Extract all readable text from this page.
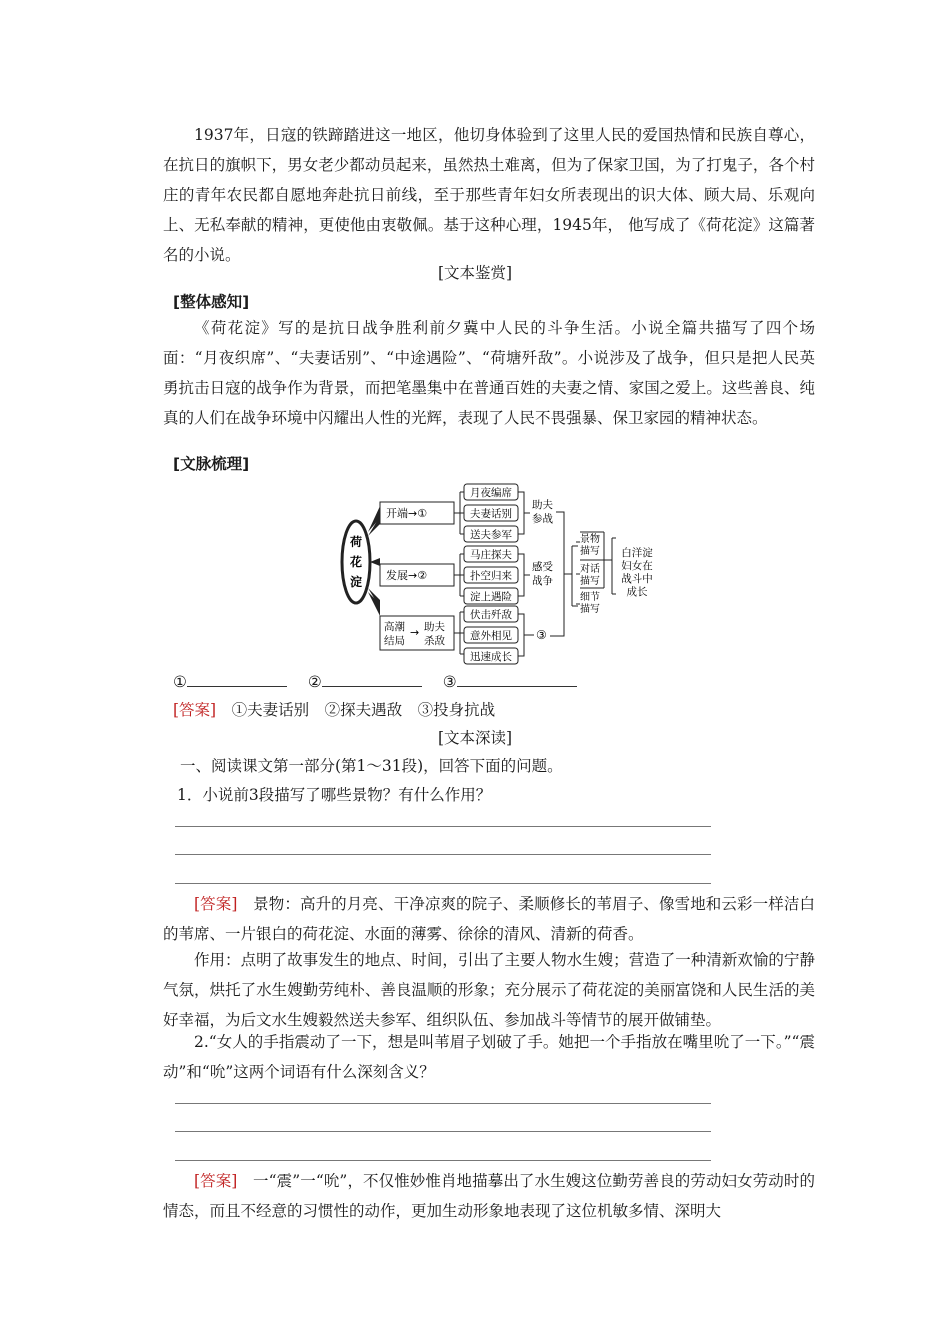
1937年，日寇的铁蹄踏进这一地区，他切身体验到了这里人民的爱国热情和民族自尊心，在抗日的旗帜下，男女老少都动员起来，虽然热土难离，但为了保家卫国，为了打鬼子，各个村庄的青年农民都自愿地奔赴抗日前线，至于那些青年妇女所表现出的识大体、顾大局、乐观向上、无私奉献的精神，更使他由衷敬佩。基于这种心理，1945年， 他写成了《荷花淀》这篇著名的小说。

[文本鉴赏]
[整体感知]

《荷花淀》写的是抗日战争胜利前夕冀中人民的斗争生活。小说全篇共描写了四个场面：“月夜织席”、“夫妻话别”、“中途遇险”、“荷塘歼敌”。小说涉及了战争，但只是把人民英勇抗击日寇的战争作为背景，而把笔墨集中在普通百姓的夫妻之情、家国之爱上。这些善良、纯真的人们在战争环境中闪耀出人性的光辉，表现了人民不畏强暴、保卫家园的精神状态。

[文脉梳理]
荷
花
淀
开端→①
发展→②
高潮
结局
→ 助夫
杀敌
月夜编席
夫妻话别
送夫参军
马庄探夫
扑空归来
淀上遇险
伏击歼敌
意外相见
迅速成长
助夫
参战
感受
战争
③
景物
描写
对话
描写
细节
描写
白洋淀
妇女在
战斗中
成长
①	②	③

[答案]　 ①夫妻话别　②探夫遇敌　③投身抗战

[文本深读]

一、阅读课文第一部分(第1～31段)，回答下面的问题。

1．小说前3段描写了哪些景物？有什么作用？

[答案]　 景物：高升的月亮、干净凉爽的院子、柔顺修长的苇眉子、像雪地和云彩一样洁白的苇席、一片银白的荷花淀、水面的薄雾、徐徐的清风、清新的荷香。

作用：点明了故事发生的地点、时间，引出了主要人物水生嫂；营造了一种清新欢愉的宁静气氛，烘托了水生嫂勤劳纯朴、善良温顺的形象；充分展示了荷花淀的美丽富饶和人民生活的美好幸福，为后文水生嫂毅然送夫参军、组织队伍、参加战斗等情节的展开做铺垫。

2.“女人的手指震动了一下，想是叫苇眉子划破了手。她把一个手指放在嘴里吮了一下。”“震动”和“吮”这两个词语有什么深刻含义？

[答案]　 一“震”一“吮”，不仅惟妙惟肖地描摹出了水生嫂这位勤劳善良的劳动妇女劳动时的情态，而且不经意的习惯性的动作，更加生动形象地表现了这位机敏多情、深明大
